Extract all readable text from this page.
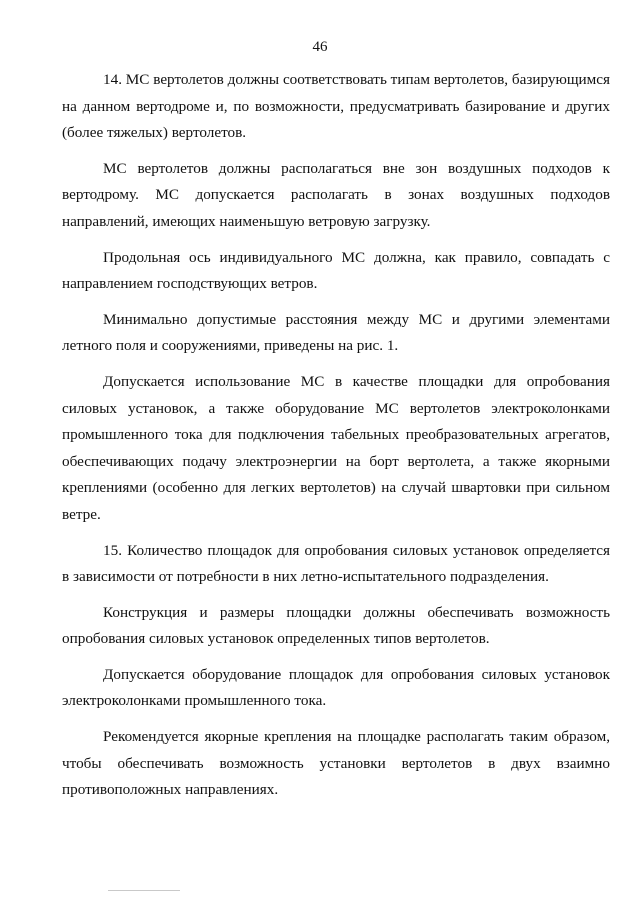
46

14. МС вертолетов должны соответствовать типам вертолетов, базирующимся на данном вертодроме и, по возможности, предусматривать базирование и других (более тяжелых) вертолетов.

МС вертолетов должны располагаться вне зон воздушных подходов к вертодрому. МС допускается располагать в зонах воздушных подходов направлений, имеющих наименьшую ветровую загрузку.

Продольная ось индивидуального МС должна, как правило, совпадать с направлением господствующих ветров.

Минимально допустимые расстояния между МС и другими элементами летного поля и сооружениями, приведены на рис. 1.

Допускается использование МС в качестве площадки для опробования силовых установок, а также оборудование МС вертолетов электроколонками промышленного тока для подключения табельных преобразовательных агрегатов, обеспечивающих подачу электроэнергии на борт вертолета, а также якорными креплениями (особенно для легких вертолетов) на случай швартовки при сильном ветре.

15. Количество площадок для опробования силовых установок определяется в зависимости от потребности в них летно-испытательного подразделения.

Конструкция и размеры площадки должны обеспечивать возможность опробования силовых установок определенных типов вертолетов.

Допускается оборудование площадок для опробования силовых установок электроколонками промышленного тока.

Рекомендуется якорные крепления на площадке располагать таким образом, чтобы обеспечивать возможность установки вертолетов в двух взаимно противоположных направлениях.
